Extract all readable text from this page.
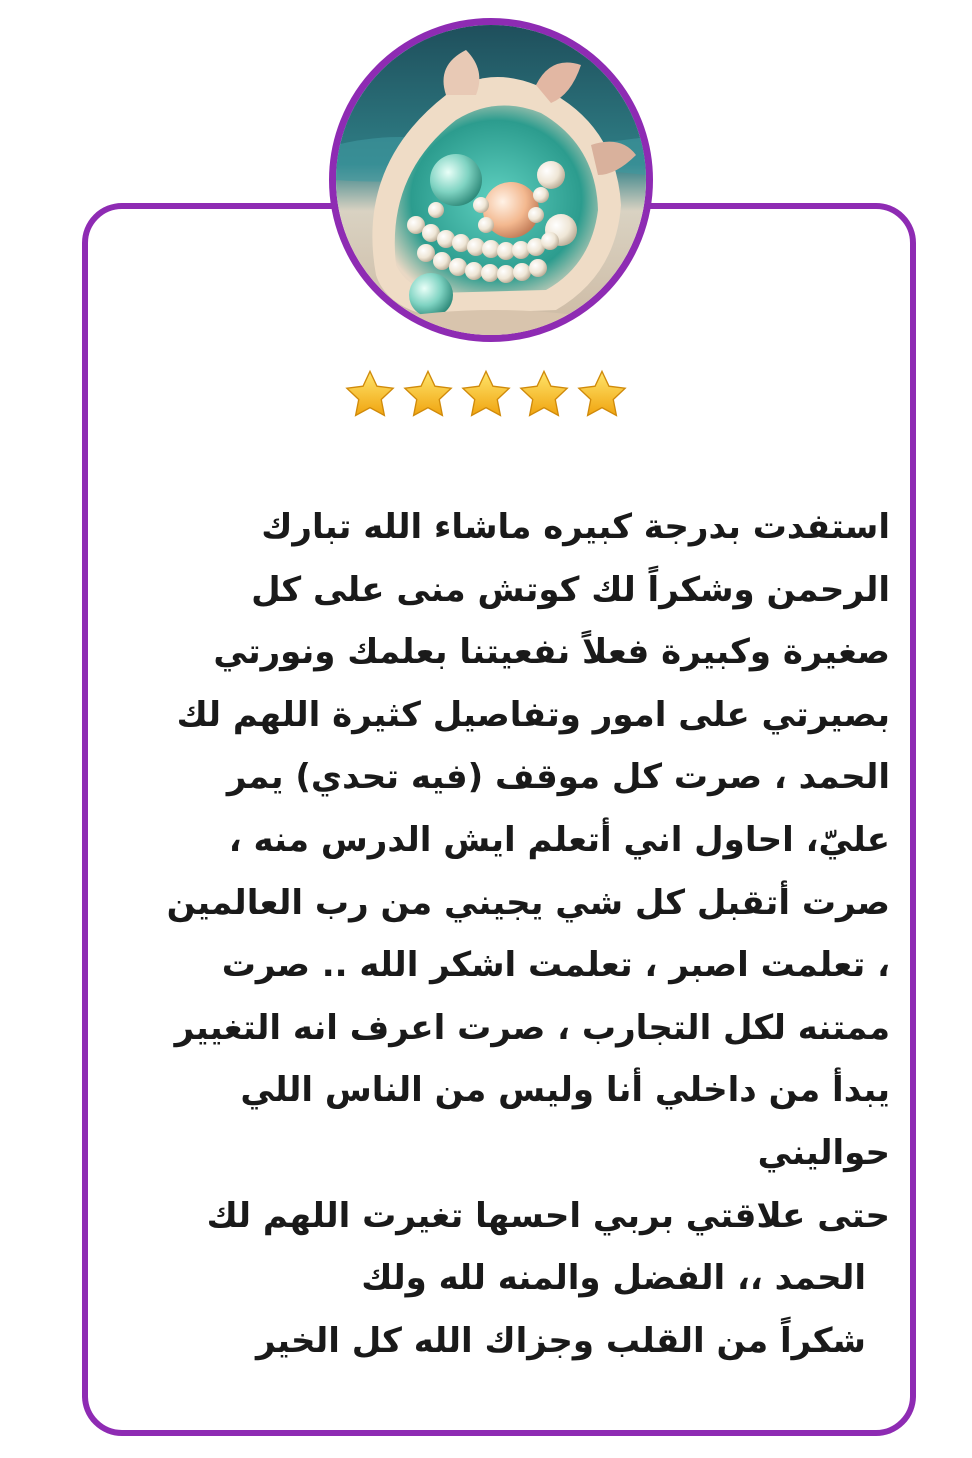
استفدت بدرجة كبيره ماشاء الله تبارك
الرحمن وشكراً لك كوتش منى على كل
صغيرة وكبيرة فعلاً نفعيتنا بعلمك ونورتي
بصيرتي على امور وتفاصيل كثيرة اللهم لك
الحمد ، صرت كل موقف (فيه تحدي) يمر
عليّ، احاول اني أتعلم ايش الدرس منه ،
صرت أتقبل كل شي يجيني من رب العالمين
، تعلمت اصبر ، تعلمت اشكر الله .. صرت
ممتنه لكل التجارب ، صرت اعرف انه التغيير
يبدأ من داخلي أنا وليس من الناس اللي
حواليني
حتى علاقتي بربي احسها تغيرت اللهم لك
الحمد ،، الفضل والمنه لله ولك
شكراً من القلب وجزاك الله كل الخير
